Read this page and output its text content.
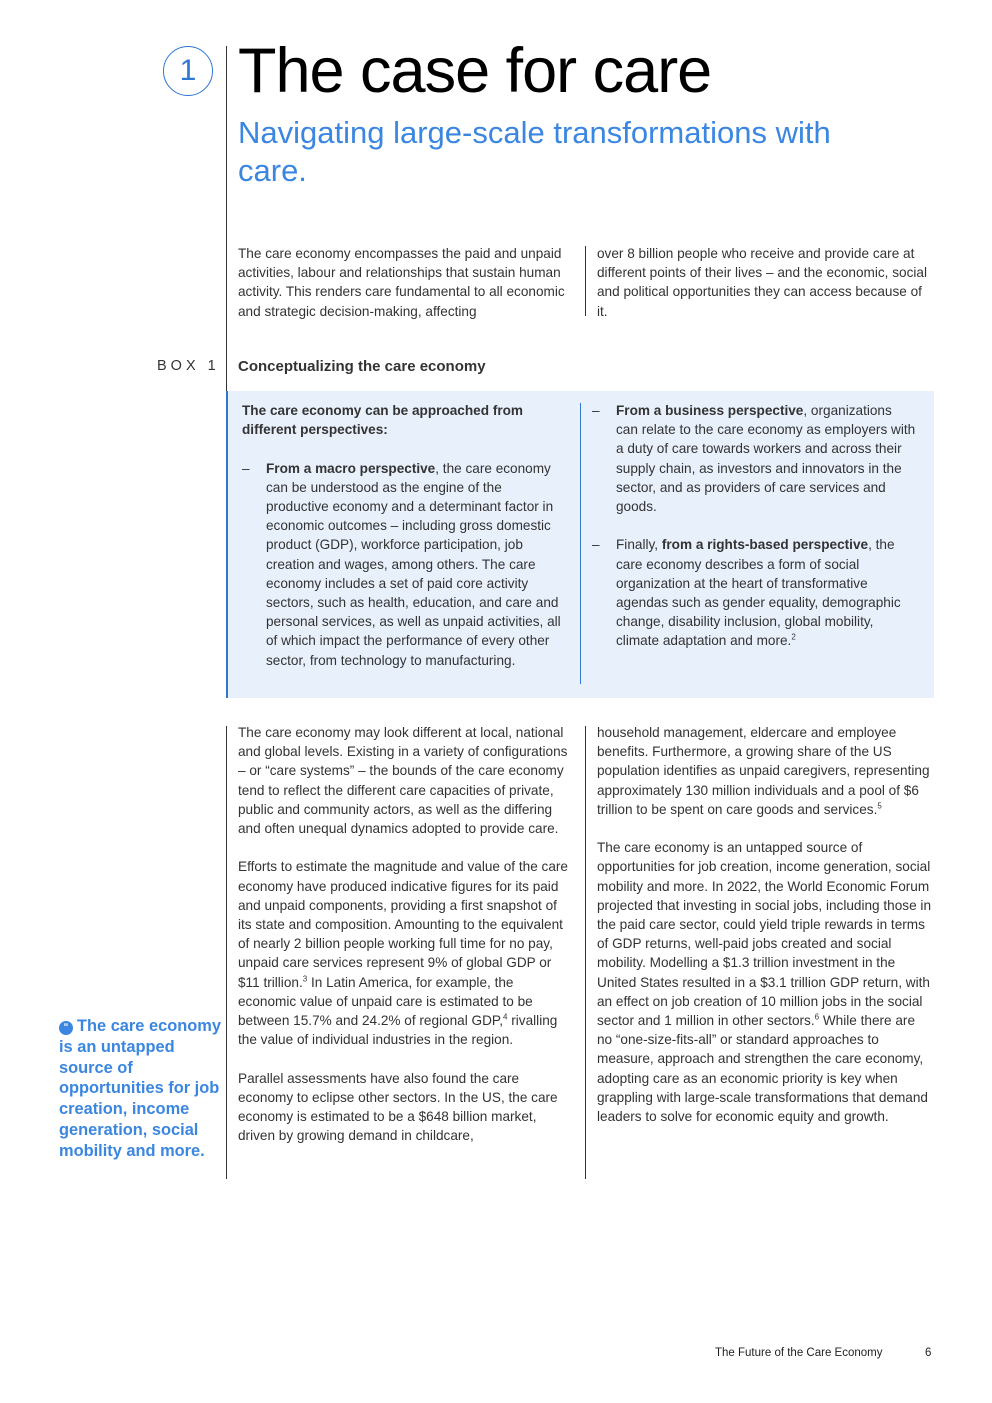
1 The case for care
Navigating large-scale transformations with care.

The care economy encompasses the paid and unpaid activities, labour and relationships that sustain human activity. This renders care fundamental to all economic and strategic decision-making, affecting

over 8 billion people who receive and provide care at different points of their lives – and the economic, social and political opportunities they can access because of it.

BOX 1 Conceptualizing the care economy

The care economy can be approached from different perspectives:

– From a macro perspective, the care economy can be understood as the engine of the productive economy and a determinant factor in economic outcomes – including gross domestic product (GDP), workforce participation, job creation and wages, among others. The care economy includes a set of paid core activity sectors, such as health, education, and care and personal services, as well as unpaid activities, all of which impact the performance of every other sector, from technology to manufacturing.
– From a business perspective, organizations can relate to the care economy as employers with a duty of care towards workers and across their supply chain, as investors and innovators in the sector, and as providers of care services and goods.
– Finally, from a rights-based perspective, the care economy describes a form of social organization at the heart of transformative agendas such as gender equality, demographic change, disability inclusion, global mobility, climate adaptation and more.$^2$

The care economy may look different at local, national and global levels. Existing in a variety of configurations – or “care systems” – the bounds of the care economy tend to reflect the different care capacities of private, public and community actors, as well as the differing and often unequal dynamics adopted to provide care.

Efforts to estimate the magnitude and value of the care economy have produced indicative figures for its paid and unpaid components, providing a first snapshot of its state and composition. Amounting to the equivalent of nearly 2 billion people working full time for no pay, unpaid care services represent 9% of global GDP or $11 trillion.$^3$ In Latin America, for example, the economic value of unpaid care is estimated to be between 15.7% and 24.2% of regional GDP,$^4$ rivalling the value of individual industries in the region.

Parallel assessments have also found the care economy to eclipse other sectors. In the US, the care economy is estimated to be a $648 billion market, driven by growing demand in childcare,

household management, eldercare and employee benefits. Furthermore, a growing share of the US population identifies as unpaid caregivers, representing approximately 130 million individuals and a pool of $6 trillion to be spent on care goods and services.$^5$

The care economy is an untapped source of opportunities for job creation, income generation, social mobility and more. In 2022, the World Economic Forum projected that investing in social jobs, including those in the paid care sector, could yield triple rewards in terms of GDP returns, well-paid jobs created and social mobility. Modelling a $1.3 trillion investment in the United States resulted in a $3.1 trillion GDP return, with an effect on job creation of 10 million jobs in the social sector and 1 million in other sectors.$^6$ While there are no “one-size-fits-all” or standard approaches to measure, approach and strengthen the care economy, adopting care as an economic priority is key when grappling with large-scale transformations that demand leaders to solve for economic equity and growth.

“ The care economy is an untapped source of opportunities for job creation, income generation, social mobility and more.

The Future of the Care Economy	6
